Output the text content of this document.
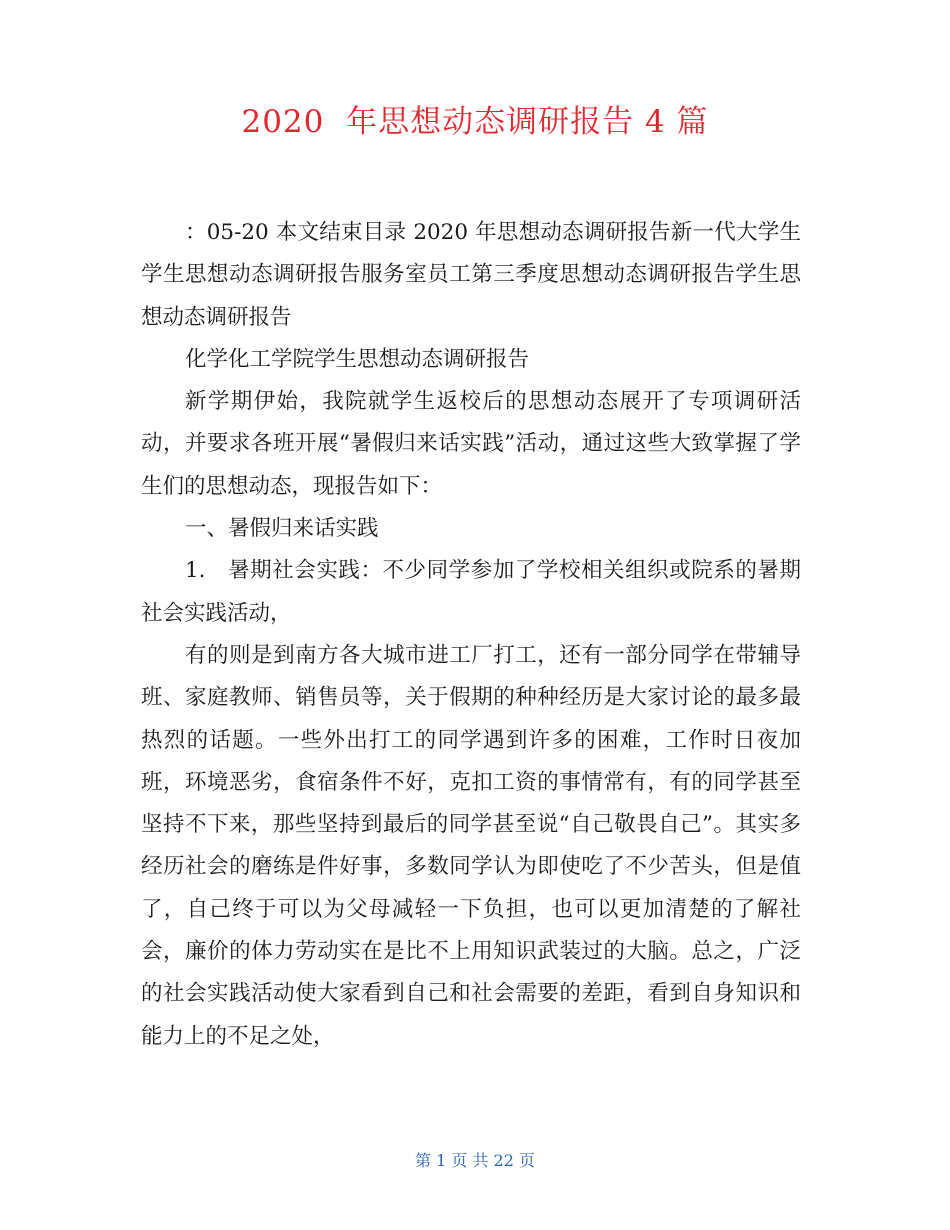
2020  年思想动态调研报告 4 篇

：05-20 本文结束目录 2020 年思想动态调研报告新一代大学生学生思想动态调研报告服务室员工第三季度思想动态调研报告学生思想动态调研报告

化学化工学院学生思想动态调研报告

新学期伊始，我院就学生返校后的思想动态展开了专项调研活动，并要求各班开展“暑假归来话实践”活动，通过这些大致掌握了学生们的思想动态，现报告如下：

一、暑假归来话实践

1.　暑期社会实践：不少同学参加了学校相关组织或院系的暑期社会实践活动，

有的则是到南方各大城市进工厂打工，还有一部分同学在带辅导班、家庭教师、销售员等，关于假期的种种经历是大家讨论的最多最热烈的话题。一些外出打工的同学遇到许多的困难，工作时日夜加班，环境恶劣，食宿条件不好，克扣工资的事情常有，有的同学甚至坚持不下来，那些坚持到最后的同学甚至说“自己敬畏自己”。其实多经历社会的磨练是件好事，多数同学认为即使吃了不少苦头，但是值了，自己终于可以为父母减轻一下负担，也可以更加清楚的了解社会，廉价的体力劳动实在是比不上用知识武装过的大脑。总之，广泛的社会实践活动使大家看到自己和社会需要的差距，看到自身知识和能力上的不足之处，

第 1 页 共 22 页
